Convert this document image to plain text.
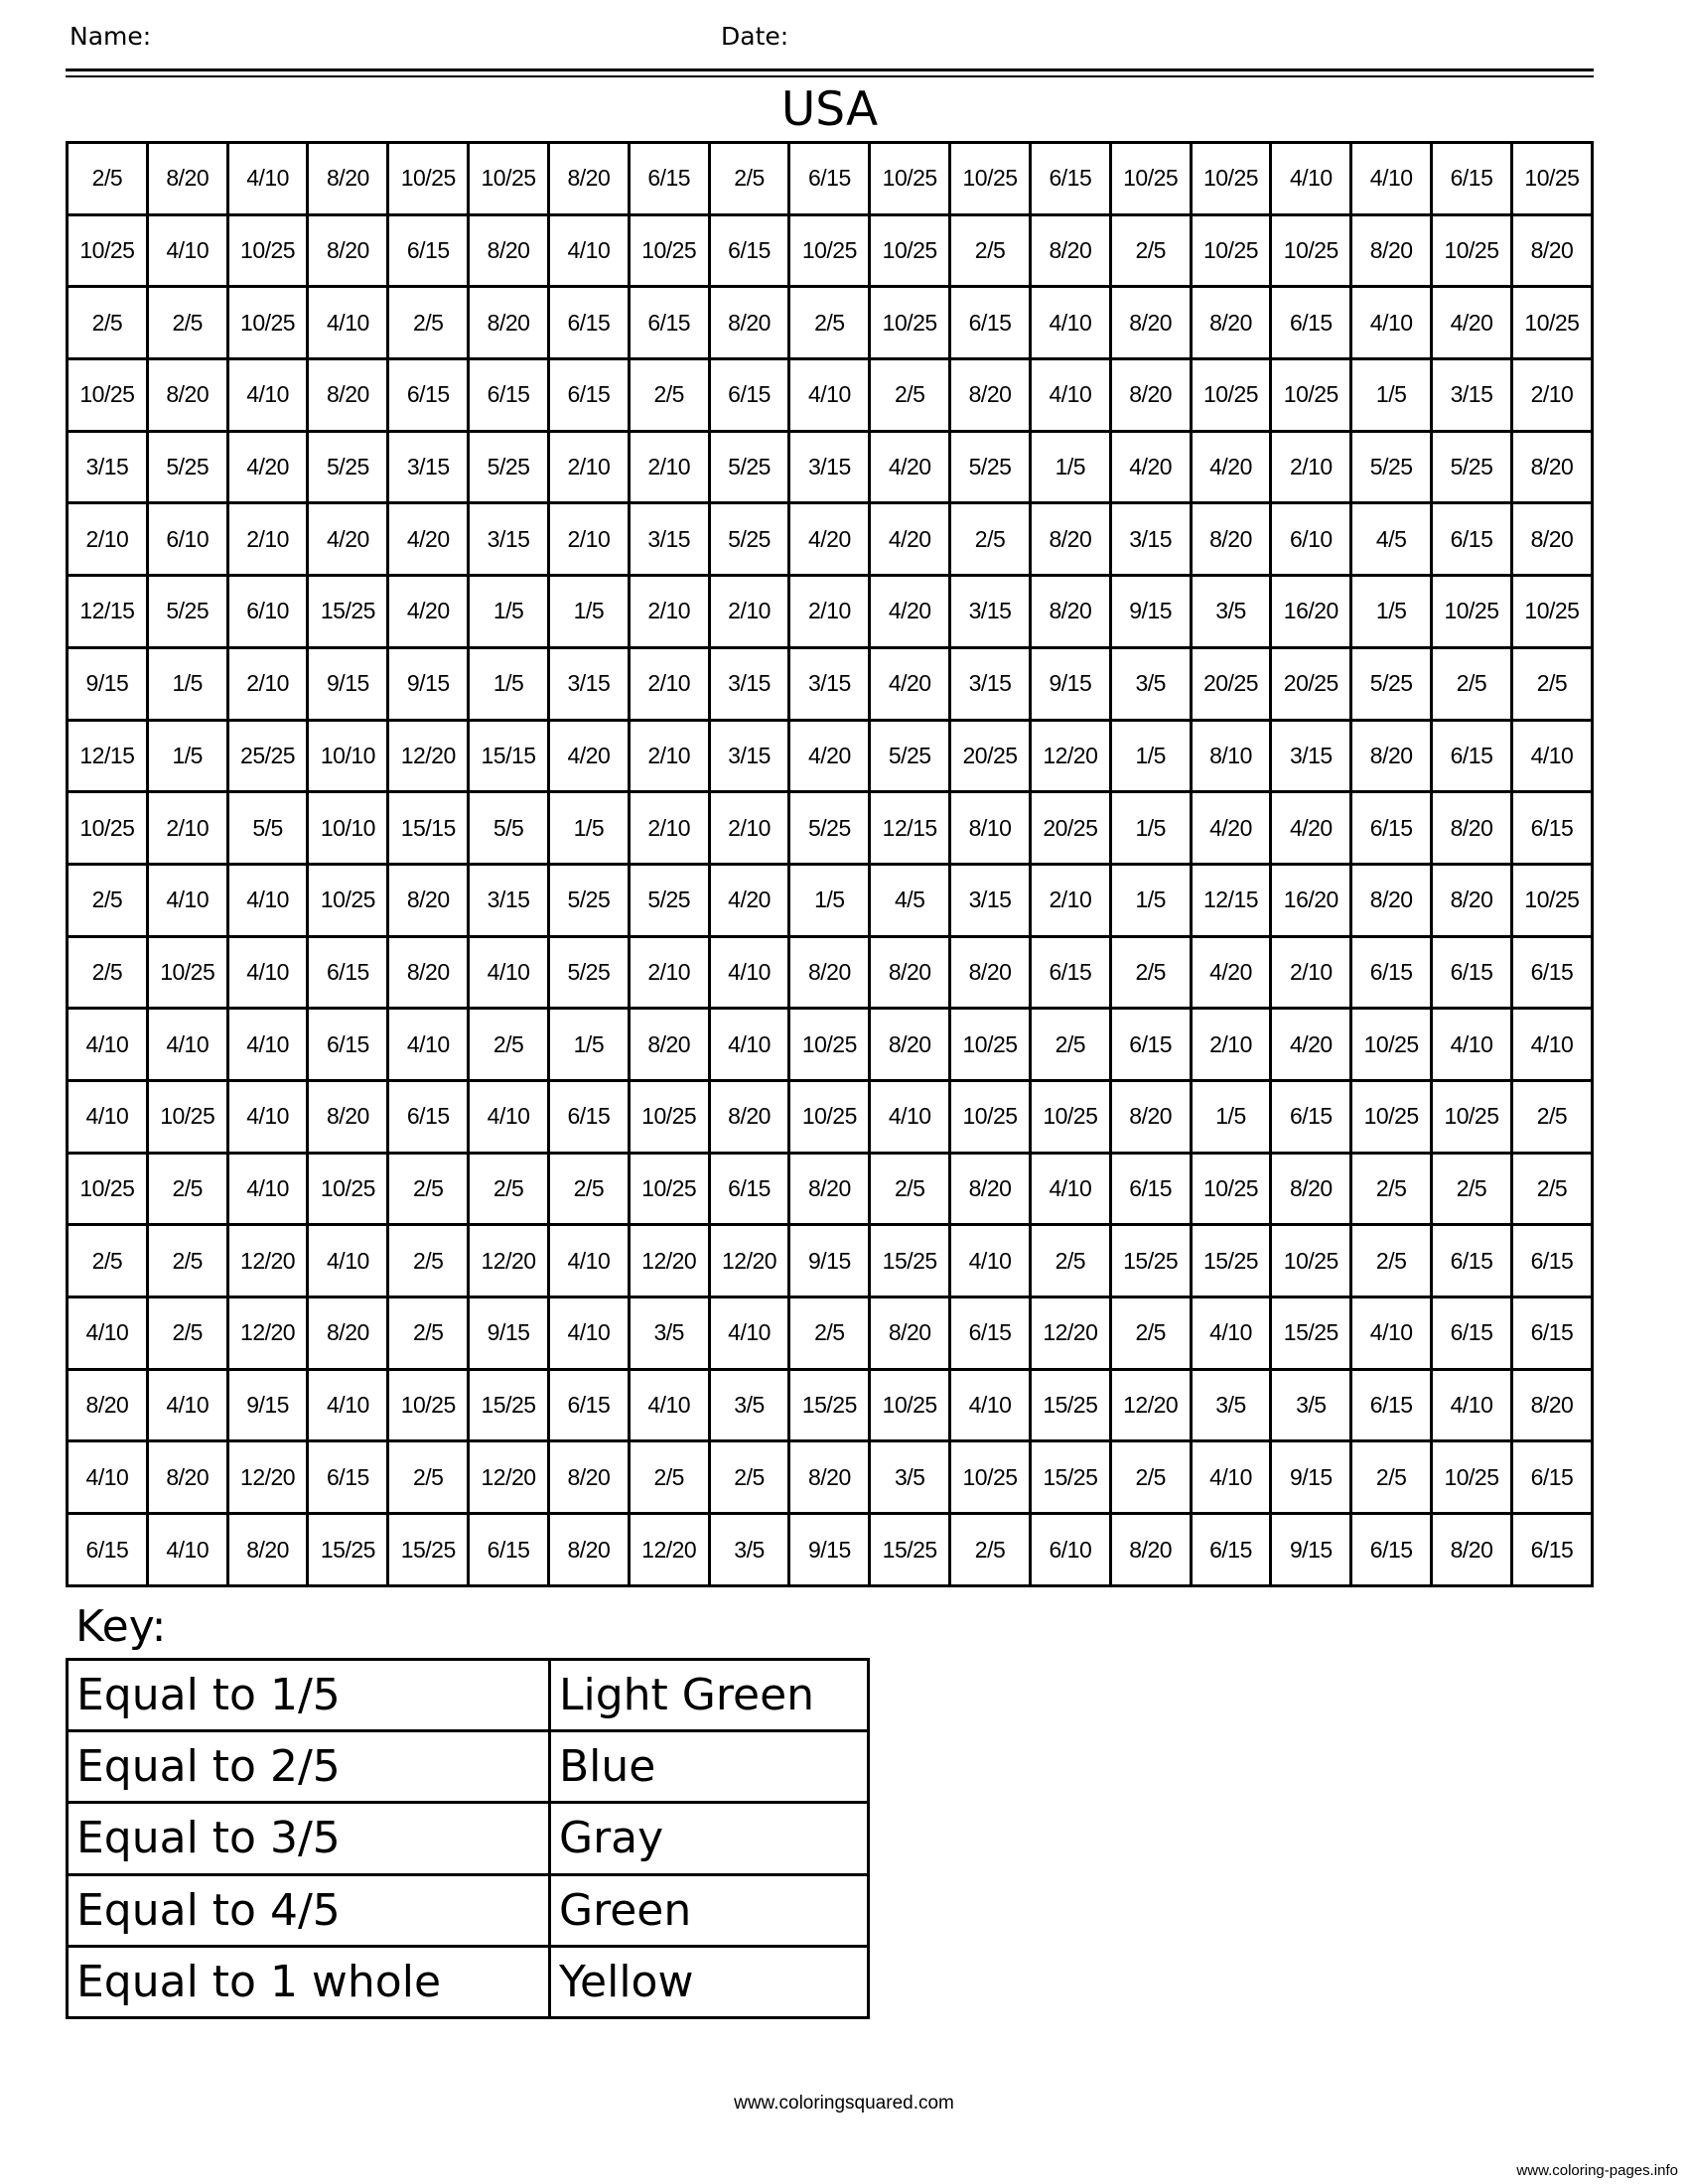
Name:	Date:
USA
2/5	8/20	4/10	8/20	10/25	10/25	8/20	6/15	2/5	6/15	10/25	10/25	6/15	10/25	10/25	4/10	4/10	6/15	10/25
10/25	4/10	10/25	8/20	6/15	8/20	4/10	10/25	6/15	10/25	10/25	2/5	8/20	2/5	10/25	10/25	8/20	10/25	8/20
2/5	2/5	10/25	4/10	2/5	8/20	6/15	6/15	8/20	2/5	10/25	6/15	4/10	8/20	8/20	6/15	4/10	4/20	10/25
10/25	8/20	4/10	8/20	6/15	6/15	6/15	2/5	6/15	4/10	2/5	8/20	4/10	8/20	10/25	10/25	1/5	3/15	2/10
3/15	5/25	4/20	5/25	3/15	5/25	2/10	2/10	5/25	3/15	4/20	5/25	1/5	4/20	4/20	2/10	5/25	5/25	8/20
2/10	6/10	2/10	4/20	4/20	3/15	2/10	3/15	5/25	4/20	4/20	2/5	8/20	3/15	8/20	6/10	4/5	6/15	8/20
12/15	5/25	6/10	15/25	4/20	1/5	1/5	2/10	2/10	2/10	4/20	3/15	8/20	9/15	3/5	16/20	1/5	10/25	10/25
9/15	1/5	2/10	9/15	9/15	1/5	3/15	2/10	3/15	3/15	4/20	3/15	9/15	3/5	20/25	20/25	5/25	2/5	2/5
12/15	1/5	25/25	10/10	12/20	15/15	4/20	2/10	3/15	4/20	5/25	20/25	12/20	1/5	8/10	3/15	8/20	6/15	4/10
10/25	2/10	5/5	10/10	15/15	5/5	1/5	2/10	2/10	5/25	12/15	8/10	20/25	1/5	4/20	4/20	6/15	8/20	6/15
2/5	4/10	4/10	10/25	8/20	3/15	5/25	5/25	4/20	1/5	4/5	3/15	2/10	1/5	12/15	16/20	8/20	8/20	10/25
2/5	10/25	4/10	6/15	8/20	4/10	5/25	2/10	4/10	8/20	8/20	8/20	6/15	2/5	4/20	2/10	6/15	6/15	6/15
4/10	4/10	4/10	6/15	4/10	2/5	1/5	8/20	4/10	10/25	8/20	10/25	2/5	6/15	2/10	4/20	10/25	4/10	4/10
4/10	10/25	4/10	8/20	6/15	4/10	6/15	10/25	8/20	10/25	4/10	10/25	10/25	8/20	1/5	6/15	10/25	10/25	2/5
10/25	2/5	4/10	10/25	2/5	2/5	2/5	10/25	6/15	8/20	2/5	8/20	4/10	6/15	10/25	8/20	2/5	2/5	2/5
2/5	2/5	12/20	4/10	2/5	12/20	4/10	12/20	12/20	9/15	15/25	4/10	2/5	15/25	15/25	10/25	2/5	6/15	6/15
4/10	2/5	12/20	8/20	2/5	9/15	4/10	3/5	4/10	2/5	8/20	6/15	12/20	2/5	4/10	15/25	4/10	6/15	6/15
8/20	4/10	9/15	4/10	10/25	15/25	6/15	4/10	3/5	15/25	10/25	4/10	15/25	12/20	3/5	3/5	6/15	4/10	8/20
4/10	8/20	12/20	6/15	2/5	12/20	8/20	2/5	2/5	8/20	3/5	10/25	15/25	2/5	4/10	9/15	2/5	10/25	6/15
6/15	4/10	8/20	15/25	15/25	6/15	8/20	12/20	3/5	9/15	15/25	2/5	6/10	8/20	6/15	9/15	6/15	8/20	6/15
Key:
Equal to 1/5	Light Green
Equal to 2/5	Blue
Equal to 3/5	Gray
Equal to 4/5	Green
Equal to 1 whole	Yellow
www.coloringsquared.com
www.coloring-pages.info
